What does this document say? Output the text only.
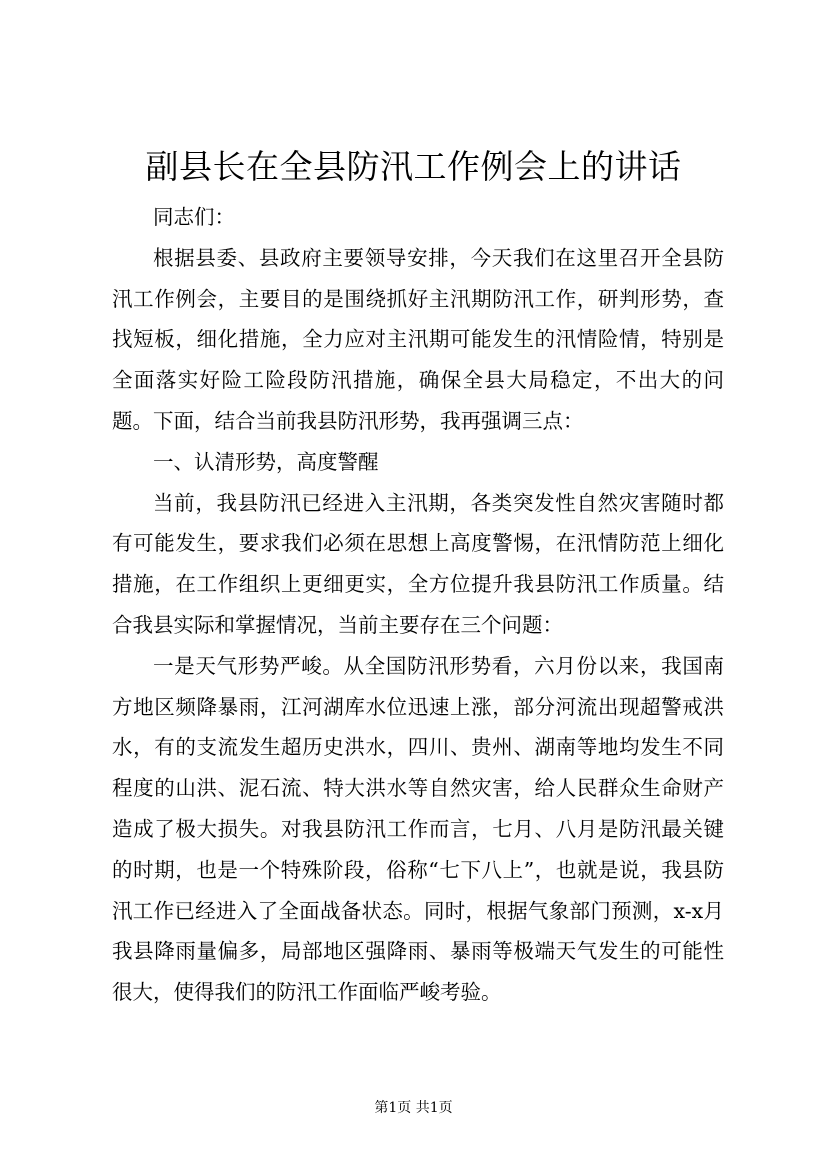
副县长在全县防汛工作例会上的讲话

同志们：

根据县委、县政府主要领导安排，今天我们在这里召开全县防汛工作例会，主要目的是围绕抓好主汛期防汛工作，研判形势，查找短板，细化措施，全力应对主汛期可能发生的汛情险情，特别是全面落实好险工险段防汛措施，确保全县大局稳定，不出大的问题。下面，结合当前我县防汛形势，我再强调三点：

一、认清形势，高度警醒

当前，我县防汛已经进入主汛期，各类突发性自然灾害随时都有可能发生，要求我们必须在思想上高度警惕，在汛情防范上细化措施，在工作组织上更细更实，全方位提升我县防汛工作质量。结合我县实际和掌握情况，当前主要存在三个问题：

一是天气形势严峻。从全国防汛形势看，六月份以来，我国南方地区频降暴雨，江河湖库水位迅速上涨，部分河流出现超警戒洪水，有的支流发生超历史洪水，四川、贵州、湖南等地均发生不同程度的山洪、泥石流、特大洪水等自然灾害，给人民群众生命财产造成了极大损失。对我县防汛工作而言，七月、八月是防汛最关键的时期，也是一个特殊阶段，俗称“七下八上”，也就是说，我县防汛工作已经进入了全面战备状态。同时，根据气象部门预测，x-x月我县降雨量偏多，局部地区强降雨、暴雨等极端天气发生的可能性很大，使得我们的防汛工作面临严峻考验。

第1页 共1页
